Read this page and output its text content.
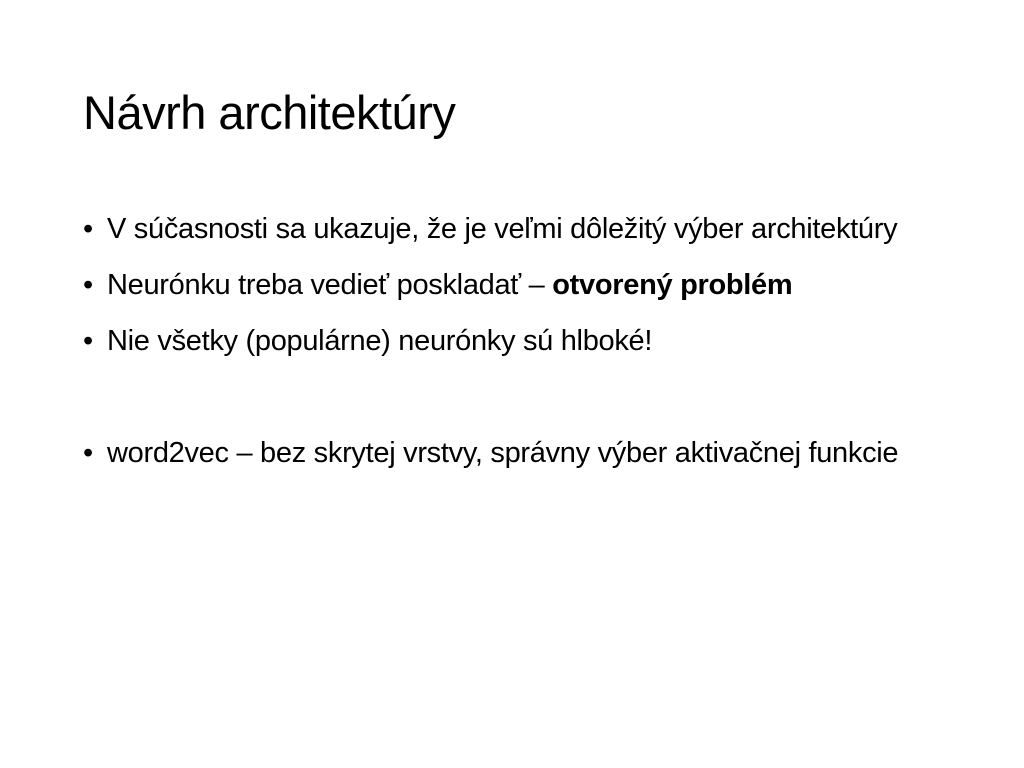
Návrh architektúry
• V súčasnosti sa ukazuje, že je veľmi dôležitý výber architektúry
• Neurónku treba vedieť poskladať – otvorený problém
• Nie všetky (populárne) neurónky sú hlboké!
• word2vec – bez skrytej vrstvy, správny výber aktivačnej funkcie
